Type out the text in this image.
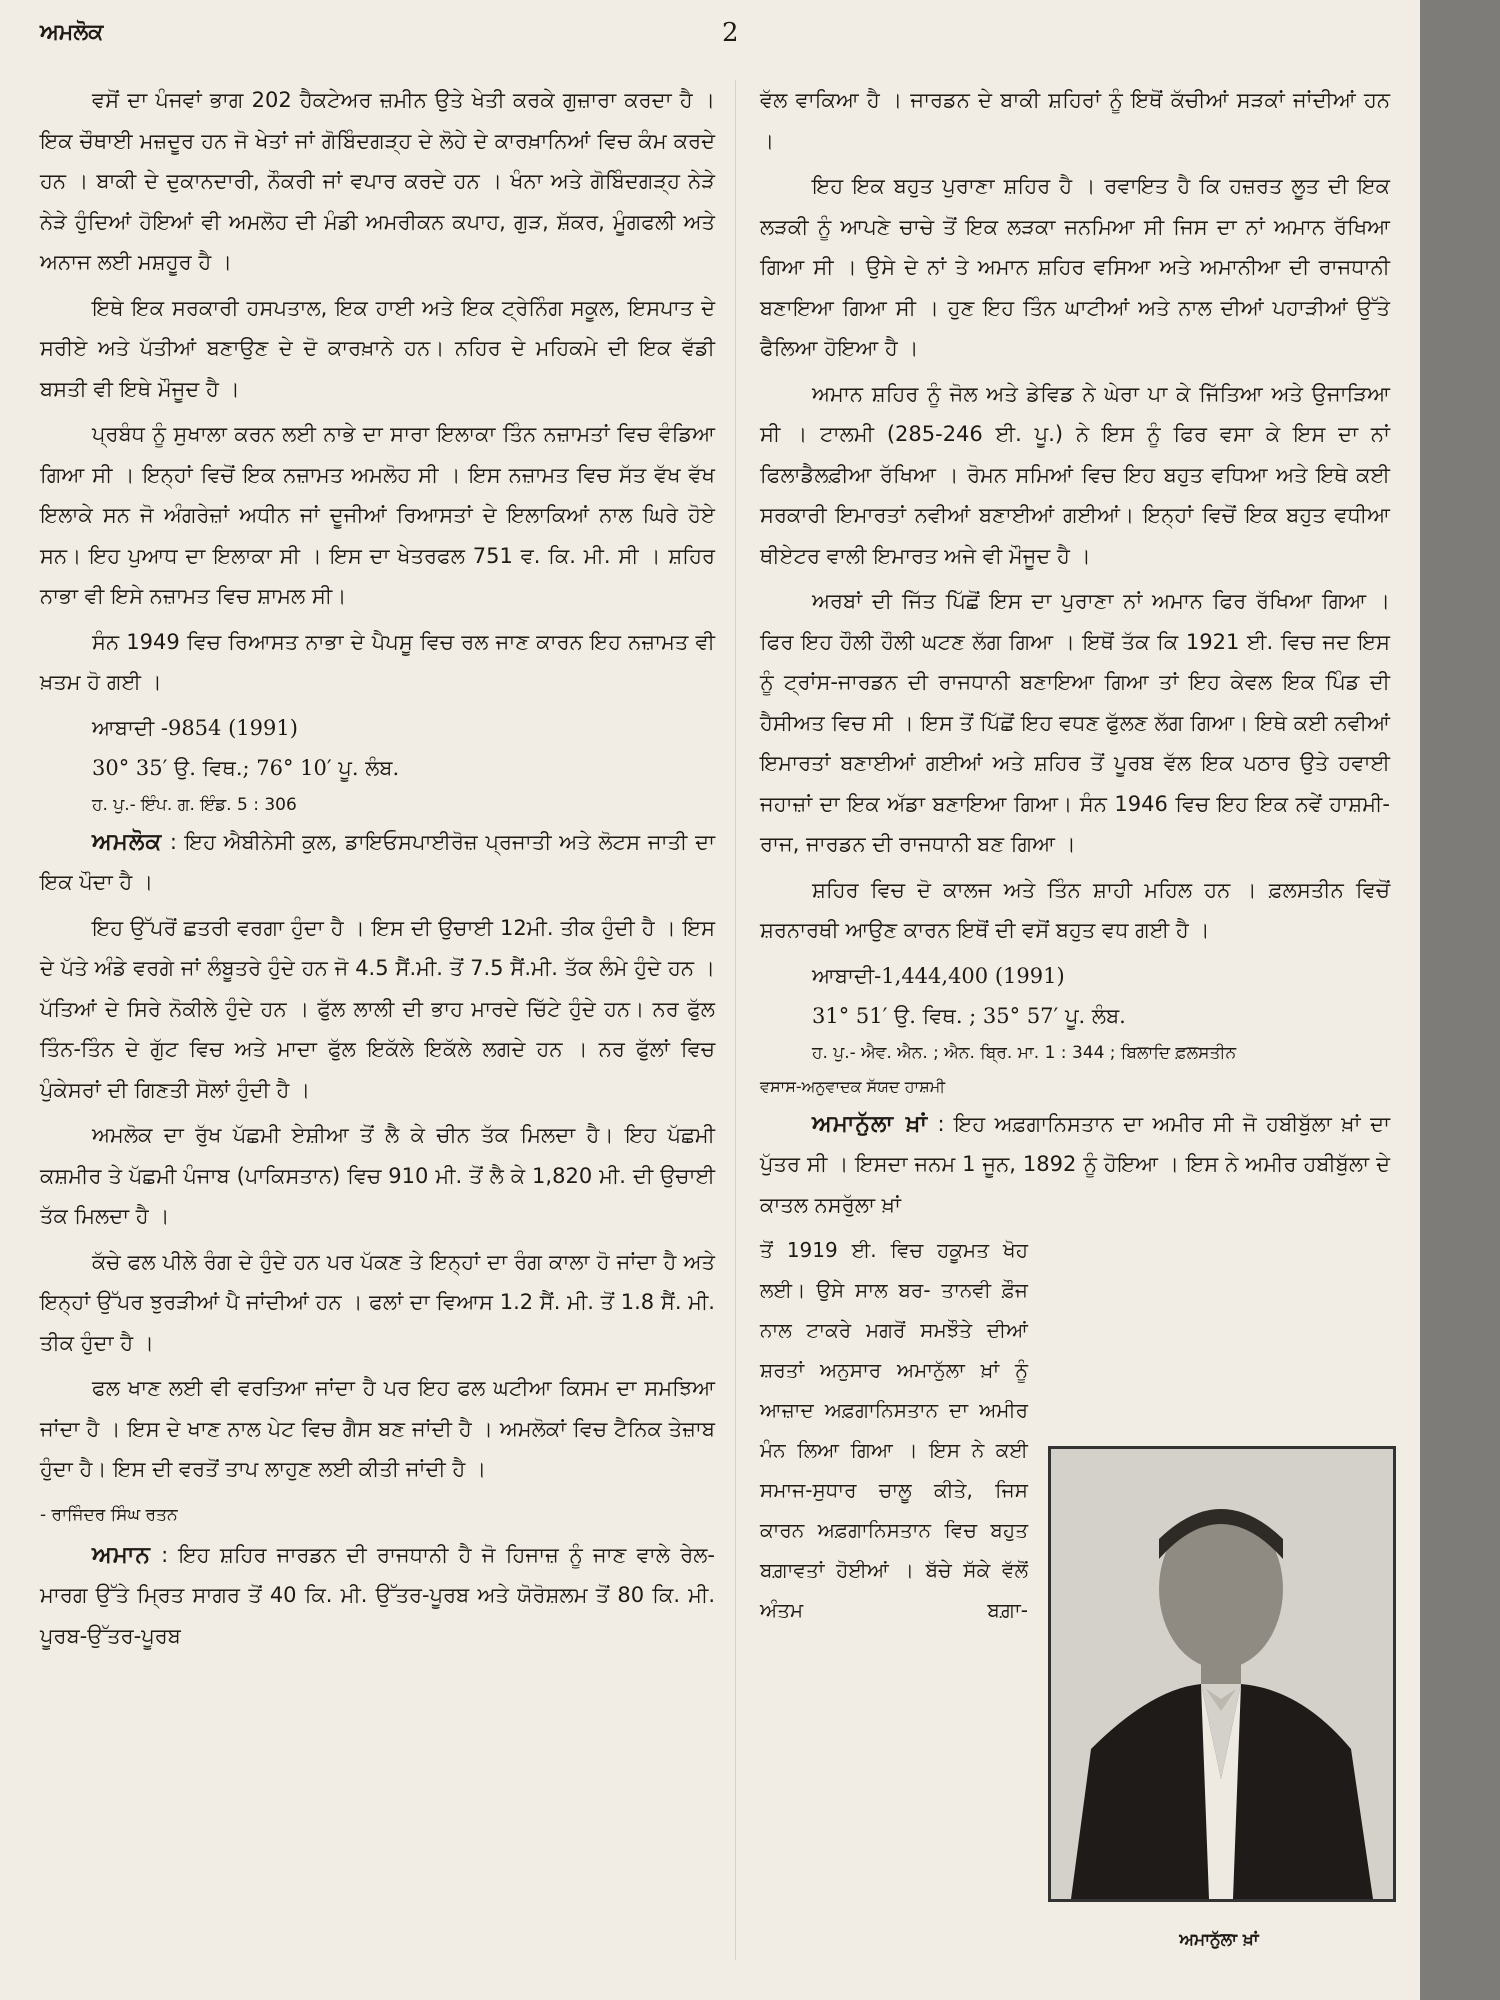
ਅਮਲੋਕ	2

ਵਸੋਂ ਦਾ ਪੰਜਵਾਂ ਭਾਗ 202 ਹੈਕਟੇਅਰ ਜ਼ਮੀਨ ਉਤੇ ਖੇਤੀ ਕਰਕੇ ਗੁਜ਼ਾਰਾ ਕਰਦਾ ਹੈ । ਇਕ ਚੌਥਾਈ ਮਜ਼ਦੂਰ ਹਨ ਜੋ ਖੇਤਾਂ ਜਾਂ ਗੋਬਿੰਦਗੜ੍ਹ ਦੇ ਲੋਹੇ ਦੇ ਕਾਰਖ਼ਾਨਿਆਂ ਵਿਚ ਕੰਮ ਕਰਦੇ ਹਨ । ਬਾਕੀ ਦੇ ਦੁਕਾਨਦਾਰੀ, ਨੌਕਰੀ ਜਾਂ ਵਪਾਰ ਕਰਦੇ ਹਨ । ਖੰਨਾ ਅਤੇ ਗੋਬਿੰਦਗੜ੍ਹ ਨੇੜੇ ਨੇੜੇ ਹੁੰਦਿਆਂ ਹੋਇਆਂ ਵੀ ਅਮਲੋਹ ਦੀ ਮੰਡੀ ਅਮਰੀਕਨ ਕਪਾਹ, ਗੁੜ, ਸ਼ੱਕਰ, ਮੂੰਗਫਲੀ ਅਤੇ ਅਨਾਜ ਲਈ ਮਸ਼ਹੂਰ ਹੈ ।

ਇਥੇ ਇਕ ਸਰਕਾਰੀ ਹਸਪਤਾਲ, ਇਕ ਹਾਈ ਅਤੇ ਇਕ ਟ੍ਰੇਨਿੰਗ ਸਕੂਲ, ਇਸਪਾਤ ਦੇ ਸਰੀਏ ਅਤੇ ਪੱਤੀਆਂ ਬਣਾਉਣ ਦੇ ਦੋ ਕਾਰਖ਼ਾਨੇ ਹਨ। ਨਹਿਰ ਦੇ ਮਹਿਕਮੇ ਦੀ ਇਕ ਵੱਡੀ ਬਸਤੀ ਵੀ ਇਥੇ ਮੌਜੂਦ ਹੈ ।

ਪ੍ਰਬੰਧ ਨੂੰ ਸੁਖਾਲਾ ਕਰਨ ਲਈ ਨਾਭੇ ਦਾ ਸਾਰਾ ਇਲਾਕਾ ਤਿੰਨ ਨਜ਼ਾਮਤਾਂ ਵਿਚ ਵੰਡਿਆ ਗਿਆ ਸੀ । ਇਨ੍ਹਾਂ ਵਿਚੋਂ ਇਕ ਨਜ਼ਾਮਤ ਅਮਲੋਹ ਸੀ । ਇਸ ਨਜ਼ਾਮਤ ਵਿਚ ਸੱਤ ਵੱਖ ਵੱਖ ਇਲਾਕੇ ਸਨ ਜੋ ਅੰਗਰੇਜ਼ਾਂ ਅਧੀਨ ਜਾਂ ਦੂਜੀਆਂ ਰਿਆਸਤਾਂ ਦੇ ਇਲਾਕਿਆਂ ਨਾਲ ਘਿਰੇ ਹੋਏ ਸਨ। ਇਹ ਪੁਆਧ ਦਾ ਇਲਾਕਾ ਸੀ । ਇਸ ਦਾ ਖੇਤਰਫਲ 751 ਵ. ਕਿ. ਮੀ. ਸੀ । ਸ਼ਹਿਰ ਨਾਭਾ ਵੀ ਇਸੇ ਨਜ਼ਾਮਤ ਵਿਚ ਸ਼ਾਮਲ ਸੀ।

ਸੰਨ 1949 ਵਿਚ ਰਿਆਸਤ ਨਾਭਾ ਦੇ ਪੈਪਸੂ ਵਿਚ ਰਲ ਜਾਣ ਕਾਰਨ ਇਹ ਨਜ਼ਾਮਤ ਵੀ ਖ਼ਤਮ ਹੋ ਗਈ ।

ਆਬਾਦੀ -9854 (1991)

30° 35′ ਉ. ਵਿਥ.; 76° 10′ ਪੂ. ਲੰਬ.

ਹ. ਪੁ.- ਇੰਪ. ਗ. ਇੰਡ. 5 : 306

ਅਮਲੋਕ : ਇਹ ਐਬੀਨੇਸੀ ਕੁਲ, ਡਾਇਓਸਪਾਈਰੋਜ਼ ਪ੍ਰਜਾਤੀ ਅਤੇ ਲੋਟਸ ਜਾਤੀ ਦਾ ਇਕ ਪੌਦਾ ਹੈ ।

ਇਹ ਉੱਪਰੋਂ ਛਤਰੀ ਵਰਗਾ ਹੁੰਦਾ ਹੈ । ਇਸ ਦੀ ਉਚਾਈ 12ਮੀ. ਤੀਕ ਹੁੰਦੀ ਹੈ । ਇਸ ਦੇ ਪੱਤੇ ਅੰਡੇ ਵਰਗੇ ਜਾਂ ਲੰਬੂਤਰੇ ਹੁੰਦੇ ਹਨ ਜੋ 4.5 ਸੈਂ.ਮੀ. ਤੋਂ 7.5 ਸੈਂ.ਮੀ. ਤੱਕ ਲੰਮੇ ਹੁੰਦੇ ਹਨ । ਪੱਤਿਆਂ ਦੇ ਸਿਰੇ ਨੋਕੀਲੇ ਹੁੰਦੇ ਹਨ । ਫੁੱਲ ਲਾਲੀ ਦੀ ਭਾਹ ਮਾਰਦੇ ਚਿੱਟੇ ਹੁੰਦੇ ਹਨ। ਨਰ ਫੁੱਲ ਤਿੰਨ-ਤਿੰਨ ਦੇ ਗੁੱਟ ਵਿਚ ਅਤੇ ਮਾਦਾ ਫੁੱਲ ਇਕੱਲੇ ਇਕੱਲੇ ਲਗਦੇ ਹਨ । ਨਰ ਫੁੱਲਾਂ ਵਿਚ ਪੁੰਕੇਸਰਾਂ ਦੀ ਗਿਣਤੀ ਸੋਲਾਂ ਹੁੰਦੀ ਹੈ ।

ਅਮਲੋਕ ਦਾ ਰੁੱਖ ਪੱਛਮੀ ਏਸ਼ੀਆ ਤੋਂ ਲੈ ਕੇ ਚੀਨ ਤੱਕ ਮਿਲਦਾ ਹੈ। ਇਹ ਪੱਛਮੀ ਕਸ਼ਮੀਰ ਤੇ ਪੱਛਮੀ ਪੰਜਾਬ (ਪਾਕਿਸਤਾਨ) ਵਿਚ 910 ਮੀ. ਤੋਂ ਲੈ ਕੇ 1,820 ਮੀ. ਦੀ ਉਚਾਈ ਤੱਕ ਮਿਲਦਾ ਹੈ ।

ਕੱਚੇ ਫਲ ਪੀਲੇ ਰੰਗ ਦੇ ਹੁੰਦੇ ਹਨ ਪਰ ਪੱਕਣ ਤੇ ਇਨ੍ਹਾਂ ਦਾ ਰੰਗ ਕਾਲਾ ਹੋ ਜਾਂਦਾ ਹੈ ਅਤੇ ਇਨ੍ਹਾਂ ਉੱਪਰ ਝੁਰੜੀਆਂ ਪੈ ਜਾਂਦੀਆਂ ਹਨ । ਫਲਾਂ ਦਾ ਵਿਆਸ 1.2 ਸੈਂ. ਮੀ. ਤੋਂ 1.8 ਸੈਂ. ਮੀ. ਤੀਕ ਹੁੰਦਾ ਹੈ ।

ਫਲ ਖਾਣ ਲਈ ਵੀ ਵਰਤਿਆ ਜਾਂਦਾ ਹੈ ਪਰ ਇਹ ਫਲ ਘਟੀਆ ਕਿਸਮ ਦਾ ਸਮਝਿਆ ਜਾਂਦਾ ਹੈ । ਇਸ ਦੇ ਖਾਣ ਨਾਲ ਪੇਟ ਵਿਚ ਗੈਸ ਬਣ ਜਾਂਦੀ ਹੈ । ਅਮਲੋਕਾਂ ਵਿਚ ਟੈਨਿਕ ਤੇਜ਼ਾਬ ਹੁੰਦਾ ਹੈ। ਇਸ ਦੀ ਵਰਤੋਂ ਤਾਪ ਲਾਹੁਣ ਲਈ ਕੀਤੀ ਜਾਂਦੀ ਹੈ ।

- ਰਾਜਿੰਦਰ ਸਿੰਘ ਰਤਨ

ਅਮਾਨ : ਇਹ ਸ਼ਹਿਰ ਜਾਰਡਨ ਦੀ ਰਾਜਧਾਨੀ ਹੈ ਜੋ ਹਿਜਾਜ਼ ਨੂੰ ਜਾਣ ਵਾਲੇ ਰੇਲ-ਮਾਰਗ ਉੱਤੇ ਮ੍ਰਿਤ ਸਾਗਰ ਤੋਂ 40 ਕਿ. ਮੀ. ਉੱਤਰ-ਪੂਰਬ ਅਤੇ ਯੋਰੋਸ਼ਲਮ ਤੋਂ 80 ਕਿ. ਮੀ. ਪੂਰਬ-ਉੱਤਰ-ਪੂਰਬ

ਵੱਲ ਵਾਕਿਆ ਹੈ । ਜਾਰਡਨ ਦੇ ਬਾਕੀ ਸ਼ਹਿਰਾਂ ਨੂੰ ਇਥੋਂ ਕੱਚੀਆਂ ਸੜਕਾਂ ਜਾਂਦੀਆਂ ਹਨ ।

ਇਹ ਇਕ ਬਹੁਤ ਪੁਰਾਣਾ ਸ਼ਹਿਰ ਹੈ । ਰਵਾਇਤ ਹੈ ਕਿ ਹਜ਼ਰਤ ਲੂਤ ਦੀ ਇਕ ਲੜਕੀ ਨੂੰ ਆਪਣੇ ਚਾਚੇ ਤੋਂ ਇਕ ਲੜਕਾ ਜਨਮਿਆ ਸੀ ਜਿਸ ਦਾ ਨਾਂ ਅਮਾਨ ਰੱਖਿਆ ਗਿਆ ਸੀ । ਉਸੇ ਦੇ ਨਾਂ ਤੇ ਅਮਾਨ ਸ਼ਹਿਰ ਵਸਿਆ ਅਤੇ ਅਮਾਨੀਆ ਦੀ ਰਾਜਧਾਨੀ ਬਣਾਇਆ ਗਿਆ ਸੀ । ਹੁਣ ਇਹ ਤਿੰਨ ਘਾਟੀਆਂ ਅਤੇ ਨਾਲ ਦੀਆਂ ਪਹਾੜੀਆਂ ਉੱਤੇ ਫੈਲਿਆ ਹੋਇਆ ਹੈ ।

ਅਮਾਨ ਸ਼ਹਿਰ ਨੂੰ ਜੋਲ ਅਤੇ ਡੇਵਿਡ ਨੇ ਘੇਰਾ ਪਾ ਕੇ ਜਿੱਤਿਆ ਅਤੇ ਉਜਾੜਿਆ ਸੀ । ਟਾਲਮੀ (285-246 ਈ. ਪੂ.) ਨੇ ਇਸ ਨੂੰ ਫਿਰ ਵਸਾ ਕੇ ਇਸ ਦਾ ਨਾਂ ਫਿਲਾਡੈਲਫ਼ੀਆ ਰੱਖਿਆ । ਰੋਮਨ ਸਮਿਆਂ ਵਿਚ ਇਹ ਬਹੁਤ ਵਧਿਆ ਅਤੇ ਇਥੇ ਕਈ ਸਰਕਾਰੀ ਇਮਾਰਤਾਂ ਨਵੀਆਂ ਬਣਾਈਆਂ ਗਈਆਂ। ਇਨ੍ਹਾਂ ਵਿਚੋਂ ਇਕ ਬਹੁਤ ਵਧੀਆ ਥੀਏਟਰ ਵਾਲੀ ਇਮਾਰਤ ਅਜੇ ਵੀ ਮੌਜੂਦ ਹੈ ।

ਅਰਬਾਂ ਦੀ ਜਿੱਤ ਪਿੱਛੋਂ ਇਸ ਦਾ ਪੁਰਾਣਾ ਨਾਂ ਅਮਾਨ ਫਿਰ ਰੱਖਿਆ ਗਿਆ । ਫਿਰ ਇਹ ਹੌਲੀ ਹੌਲੀ ਘਟਣ ਲੱਗ ਗਿਆ । ਇਥੋਂ ਤੱਕ ਕਿ 1921 ਈ. ਵਿਚ ਜਦ ਇਸ ਨੂੰ ਟ੍ਰਾਂਸ-ਜਾਰਡਨ ਦੀ ਰਾਜਧਾਨੀ ਬਣਾਇਆ ਗਿਆ ਤਾਂ ਇਹ ਕੇਵਲ ਇਕ ਪਿੰਡ ਦੀ ਹੈਸੀਅਤ ਵਿਚ ਸੀ । ਇਸ ਤੋਂ ਪਿੱਛੋਂ ਇਹ ਵਧਣ ਫੁੱਲਣ ਲੱਗ ਗਿਆ। ਇਥੇ ਕਈ ਨਵੀਆਂ ਇਮਾਰਤਾਂ ਬਣਾਈਆਂ ਗਈਆਂ ਅਤੇ ਸ਼ਹਿਰ ਤੋਂ ਪੂਰਬ ਵੱਲ ਇਕ ਪਠਾਰ ਉਤੇ ਹਵਾਈ ਜਹਾਜ਼ਾਂ ਦਾ ਇਕ ਅੱਡਾ ਬਣਾਇਆ ਗਿਆ। ਸੰਨ 1946 ਵਿਚ ਇਹ ਇਕ ਨਵੇਂ ਹਾਸ਼ਮੀ-ਰਾਜ, ਜਾਰਡਨ ਦੀ ਰਾਜਧਾਨੀ ਬਣ ਗਿਆ ।

ਸ਼ਹਿਰ ਵਿਚ ਦੋ ਕਾਲਜ ਅਤੇ ਤਿੰਨ ਸ਼ਾਹੀ ਮਹਿਲ ਹਨ । ਫ਼ਲਸਤੀਨ ਵਿਚੋਂ ਸ਼ਰਨਾਰਥੀ ਆਉਣ ਕਾਰਨ ਇਥੋਂ ਦੀ ਵਸੋਂ ਬਹੁਤ ਵਧ ਗਈ ਹੈ ।

ਆਬਾਦੀ-1,444,400 (1991)

31° 51′ ਉ. ਵਿਥ. ; 35° 57′ ਪੂ. ਲੰਬ.

ਹ. ਪੁ.- ਐਵ. ਐਨ. ; ਐਨ. ਬ੍ਰਿ. ਮਾ. 1 : 344 ; ਬਿਲਾਦਿ ਫ਼ਲਸਤੀਨ

ਵਸਾਸ-ਅਨੁਵਾਦਕ ਸੱਯਦ ਹਾਸ਼ਮੀ

ਅਮਾਨੁੱਲਾ ਖ਼ਾਂ : ਇਹ ਅਫ਼ਗਾਨਿਸਤਾਨ ਦਾ ਅਮੀਰ ਸੀ ਜੋ ਹਬੀਬੁੱਲਾ ਖ਼ਾਂ ਦਾ ਪੁੱਤਰ ਸੀ । ਇਸਦਾ ਜਨਮ 1 ਜੂਨ, 1892 ਨੂੰ ਹੋਇਆ । ਇਸ ਨੇ ਅਮੀਰ ਹਬੀਬੁੱਲਾ ਦੇ ਕਾਤਲ ਨਸਰੁੱਲਾ ਖ਼ਾਂ

ਤੋਂ 1919 ਈ. ਵਿਚ ਹਕੂਮਤ ਖੋਹ ਲਈ। ਉਸੇ ਸਾਲ ਬਰ- ਤਾਨਵੀ ਫ਼ੌਜ ਨਾਲ ਟਾਕਰੇ ਮਗਰੋਂ ਸਮਝੌਤੇ ਦੀਆਂ ਸ਼ਰਤਾਂ ਅਨੁਸਾਰ ਅਮਾਨੁੱਲਾ ਖ਼ਾਂ ਨੂੰ ਆਜ਼ਾਦ ਅਫ਼ਗਾਨਿਸਤਾਨ ਦਾ ਅਮੀਰ ਮੰਨ ਲਿਆ ਗਿਆ । ਇਸ ਨੇ ਕਈ ਸਮਾਜ-ਸੁਧਾਰ ਚਾਲੂ ਕੀਤੇ, ਜਿਸ ਕਾਰਨ ਅਫ਼ਗਾਨਿਸਤਾਨ ਵਿਚ ਬਹੁਤ ਬਗ਼ਾਵਤਾਂ ਹੋਈਆਂ । ਬੱਚੇ ਸੱਕੇ ਵੱਲੋਂ ਅੰਤਮ ਬਗ਼ਾ-

ਅਮਾਨੁੱਲਾ ਖ਼ਾਂ
